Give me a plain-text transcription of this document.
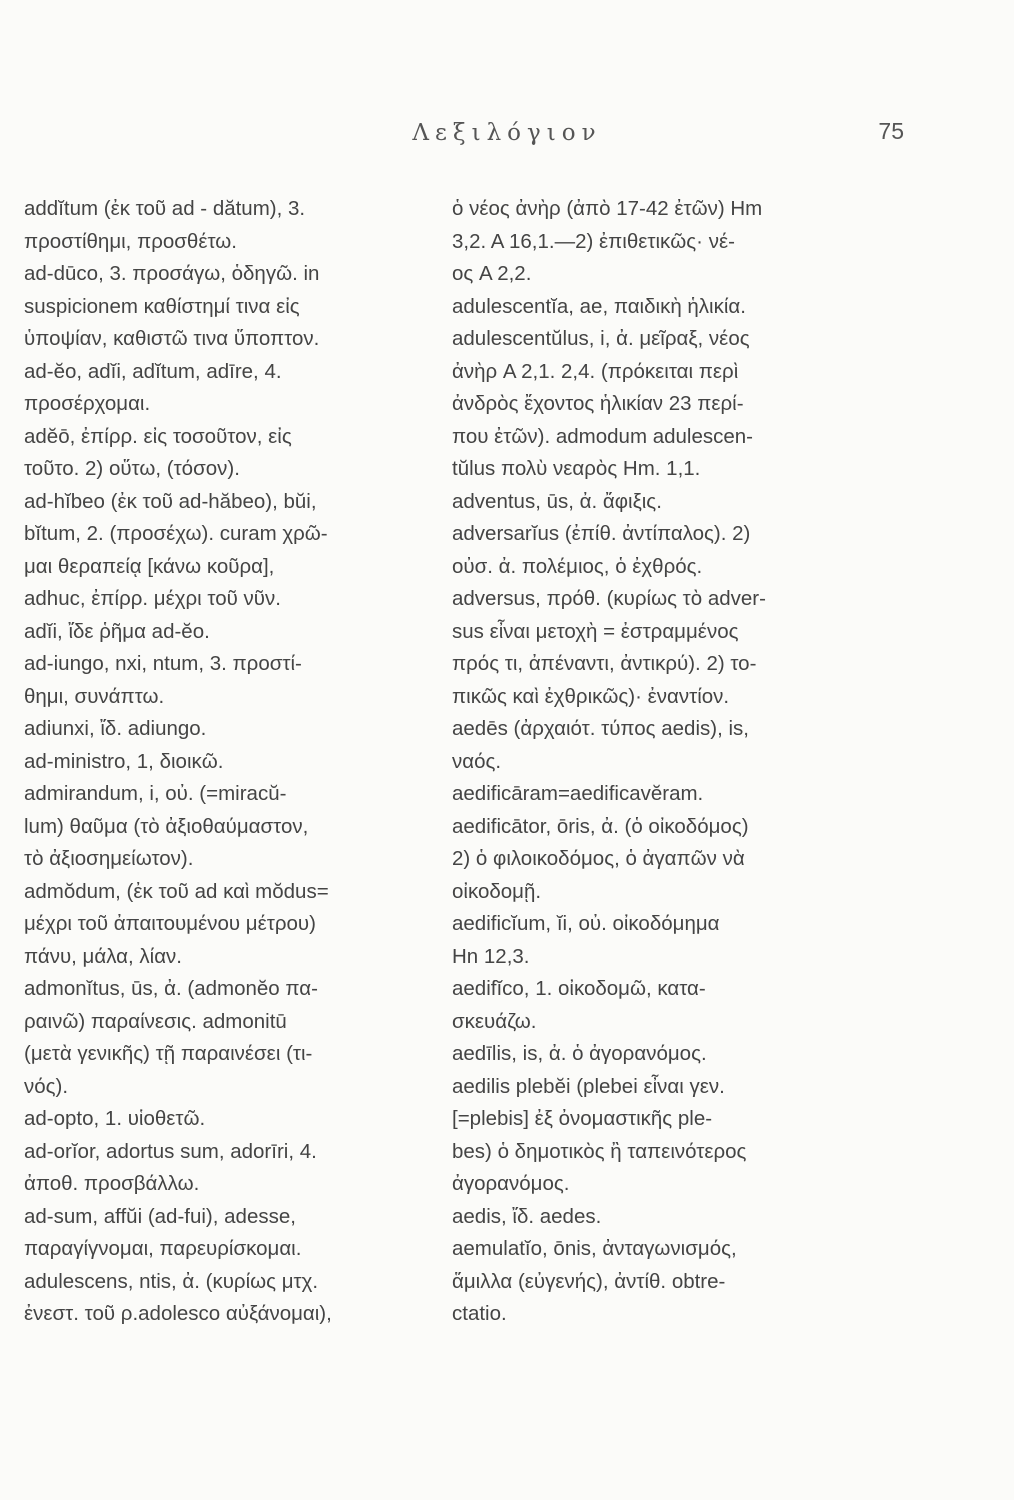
Λεξιλόγιον	75
addĭtum (ἐκ τοῦ ad - dătum), 3.
προστίθημι, προσθέτω.
ad-dūco, 3. προσάγω, ὁδηγῶ. in
suspicionem καθίστημί τινα εἰς
ὑποψίαν, καθιστῶ τινα ὕποπτον.
ad-ĕo, adĭi, adĭtum, adīre, 4.
προσέρχομαι.
adĕō, ἐπίρρ. εἰς τοσοῦτον, εἰς
τοῦτο. 2) οὕτω, (τόσον).
ad-hĭbeo (ἐκ τοῦ ad-hăbeo), bŭi,
bĭtum, 2. (προσέχω). curam χρῶ-
μαι θεραπείᾳ [κάνω κοῦρα],
adhuc, ἐπίρρ. μέχρι τοῦ νῦν.
adĭi, ἴδε ῥῆμα ad-ĕo.
ad-iungo, nxi, ntum, 3. προστί-
θημι, συνάπτω.
adiunxi, ἴδ. adiungo.
ad-ministro, 1, διοικῶ.
admirandum, i, οὐ. (=miracŭ-
lum) θαῦμα (τὸ ἀξιοθαύμαστον,
τὸ ἀξιοσημείωτον).
admŏdum, (ἐκ τοῦ ad καὶ mŏdus=
μέχρι τοῦ ἀπαιτουμένου μέτρου)
πάνυ, μάλα, λίαν.
admonĭtus, ūs, ἀ. (admonĕo πα-
ραινῶ) παραίνεσις. admonitū
(μετὰ γενικῆς) τῇ παραινέσει (τι-
νός).
ad-opto, 1. υἱοθετῶ.
ad-orĭor, adortus sum, adorīri, 4.
ἀποθ. προσβάλλω.
ad-sum, affŭi (ad-fui), adesse,
παραγίγνομαι, παρευρίσκομαι.
adulescens, ntis, ἀ. (κυρίως μτχ.
ἐνεστ. τοῦ ρ.adolesco αὐξάνομαι),
ὁ νέος ἀνὴρ (ἀπὸ 17-42 ἐτῶν) Hm
3,2. A 16,1.—2) ἐπιθετικῶς· νέ-
ος A 2,2.
adulescentĭa, ae, παιδικὴ ἡλικία.
adulescentŭlus, i, ἀ. μεῖραξ, νέος
ἀνὴρ A 2,1. 2,4. (πρόκειται περὶ
ἀνδρὸς ἔχοντος ἡλικίαν 23 περί-
που ἐτῶν). admodum adulescen-
tŭlus πολὺ νεαρὸς Hm. 1,1.
adventus, ūs, ἀ. ἄφιξις.
adversarĭus (ἐπίθ. ἀντίπαλος). 2)
οὐσ. ἀ. πολέμιος, ὁ ἐχθρός.
adversus, πρόθ. (κυρίως τὸ adver-
sus εἶναι μετοχὴ = ἐστραμμένος
πρός τι, ἀπέναντι, ἀντικρύ). 2) το-
πικῶς καὶ ἐχθρικῶς)· ἐναντίον.
aedēs (ἀρχαιότ. τύπος aedis), is,
ναός.
aedificāram=aedificavĕram.
aedificātor, ōris, ἀ. (ὁ οἰκοδόμος)
2) ὁ φιλοικοδόμος, ὁ ἀγαπῶν νὰ
οἰκοδομῇ.
aedificĭum, ĭi, οὐ. οἰκοδόμημα
Hn 12,3.
aedifĭco, 1. οἰκοδομῶ, κατα-
σκευάζω.
aedīlis, is, ἀ. ὁ ἀγορανόμος.
aedilis plebĕi (plebei εἶναι γεν.
[=plebis] ἐξ ὀνομαστικῆς ple-
bes) ὁ δημοτικὸς ἢ ταπεινότερος
ἀγορανόμος.
aedis, ἴδ. aedes.
aemulatĭo, ōnis, ἀνταγωνισμός,
ἅμιλλα (εὐγενής), ἀντίθ. obtre-
ctatio.
